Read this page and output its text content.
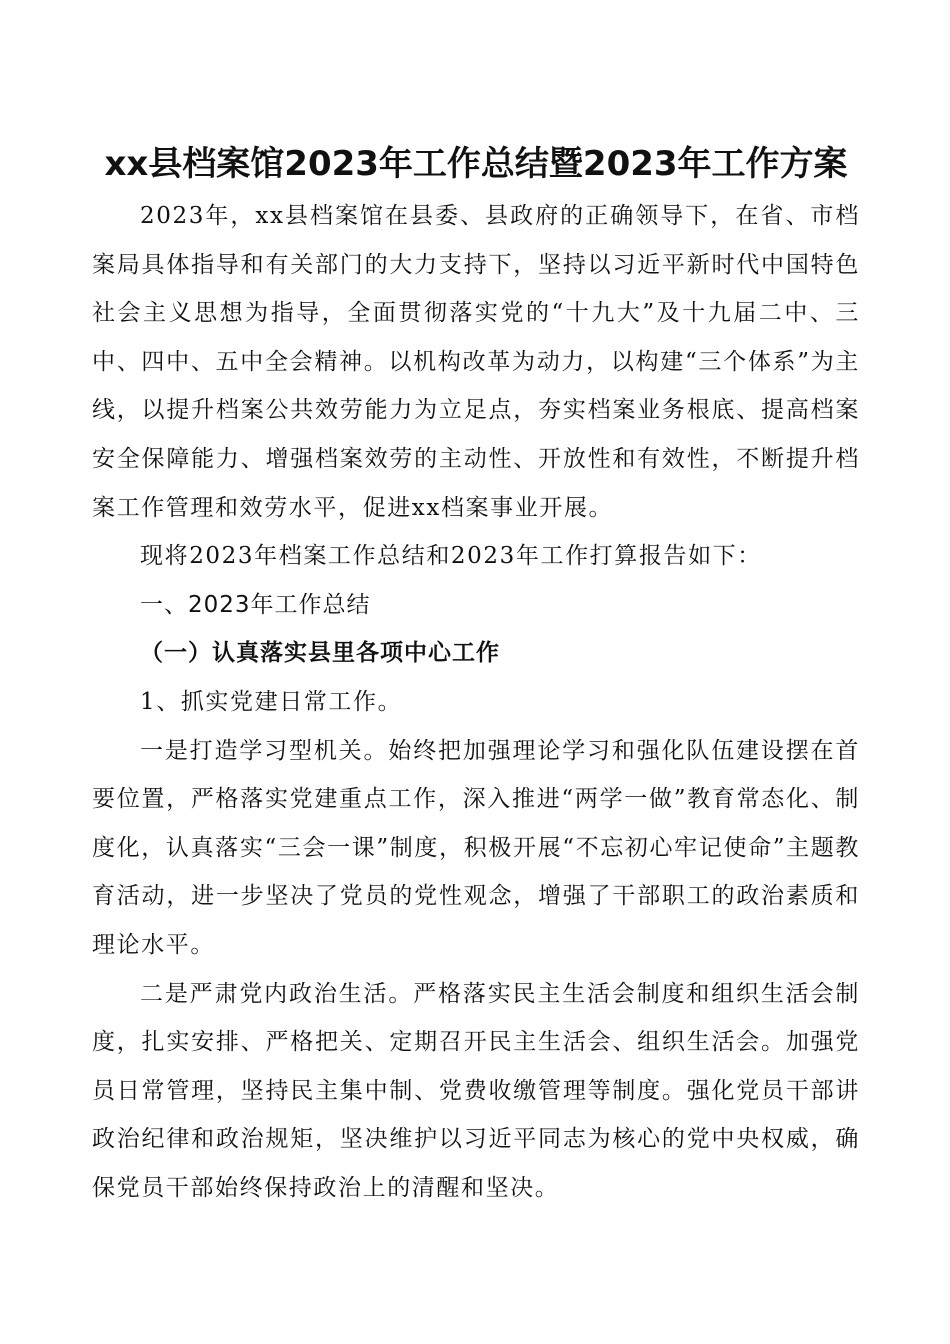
xx县档案馆2023年工作总结暨2023年工作方案

2023年，xx县档案馆在县委、县政府的正确领导下，在省、市档案局具体指导和有关部门的大力支持下，坚持以习近平新时代中国特色社会主义思想为指导，全面贯彻落实党的“十九大”及十九届二中、三中、四中、五中全会精神。以机构改革为动力，以构建“三个体系”为主线，以提升档案公共效劳能力为立足点，夯实档案业务根底、提高档案安全保障能力、增强档案效劳的主动性、开放性和有效性，不断提升档案工作管理和效劳水平，促进xx档案事业开展。

现将2023年档案工作总结和2023年工作打算报告如下：

一、2023年工作总结

（一）认真落实县里各项中心工作

1、抓实党建日常工作。

一是打造学习型机关。始终把加强理论学习和强化队伍建设摆在首要位置，严格落实党建重点工作，深入推进“两学一做”教育常态化、制度化，认真落实“三会一课”制度，积极开展“不忘初心牢记使命”主题教育活动，进一步坚决了党员的党性观念，增强了干部职工的政治素质和理论水平。

二是严肃党内政治生活。严格落实民主生活会制度和组织生活会制度，扎实安排、严格把关、定期召开民主生活会、组织生活会。加强党员日常管理，坚持民主集中制、党费收缴管理等制度。强化党员干部讲政治纪律和政治规矩，坚决维护以习近平同志为核心的党中央权威，确保党员干部始终保持政治上的清醒和坚决。
